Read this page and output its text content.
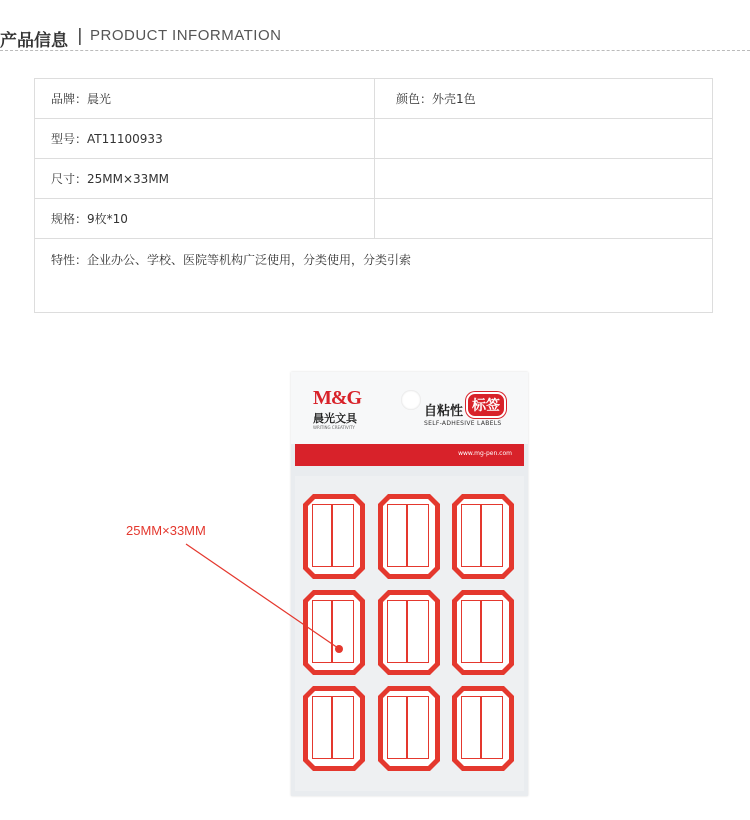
产品信息 | PRODUCT INFORMATION
品牌：晨光	颜色：外壳1色
型号：AT11100933	
尺寸：25MM×33MM	
规格：9枚*10	
特性：企业办公、学校、医院等机构广泛使用，分类使用，分类引索	
M&G
晨光文具
WRITING CREATIVITY
自粘性 标签
SELF-ADHESIVE LABELS
www.mg-pen.com
25MM×33MM
